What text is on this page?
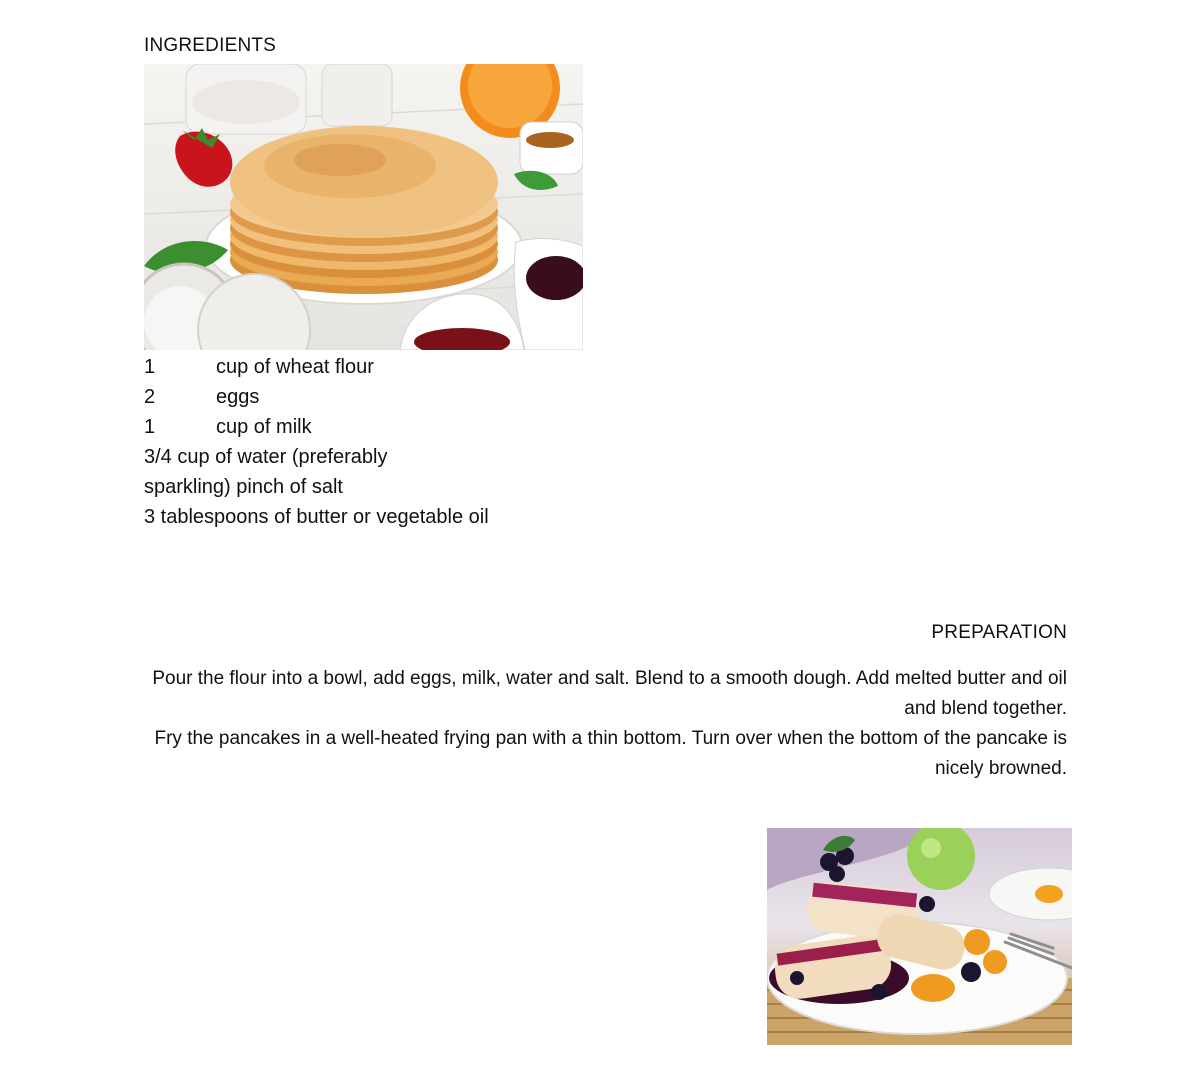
INGREDIENTS
1	cup of wheat flour
2	eggs
1	cup of milk
3/4 cup of water (preferably
sparkling) pinch of salt
3 tablespoons of butter or vegetable oil
PREPARATION
Pour the flour into a bowl, add eggs, milk, water and salt. Blend to a smooth dough. Add melted butter and oil and blend together.
Fry the pancakes in a well-heated frying pan with a thin bottom. Turn over when the bottom of the pancake is nicely browned.
